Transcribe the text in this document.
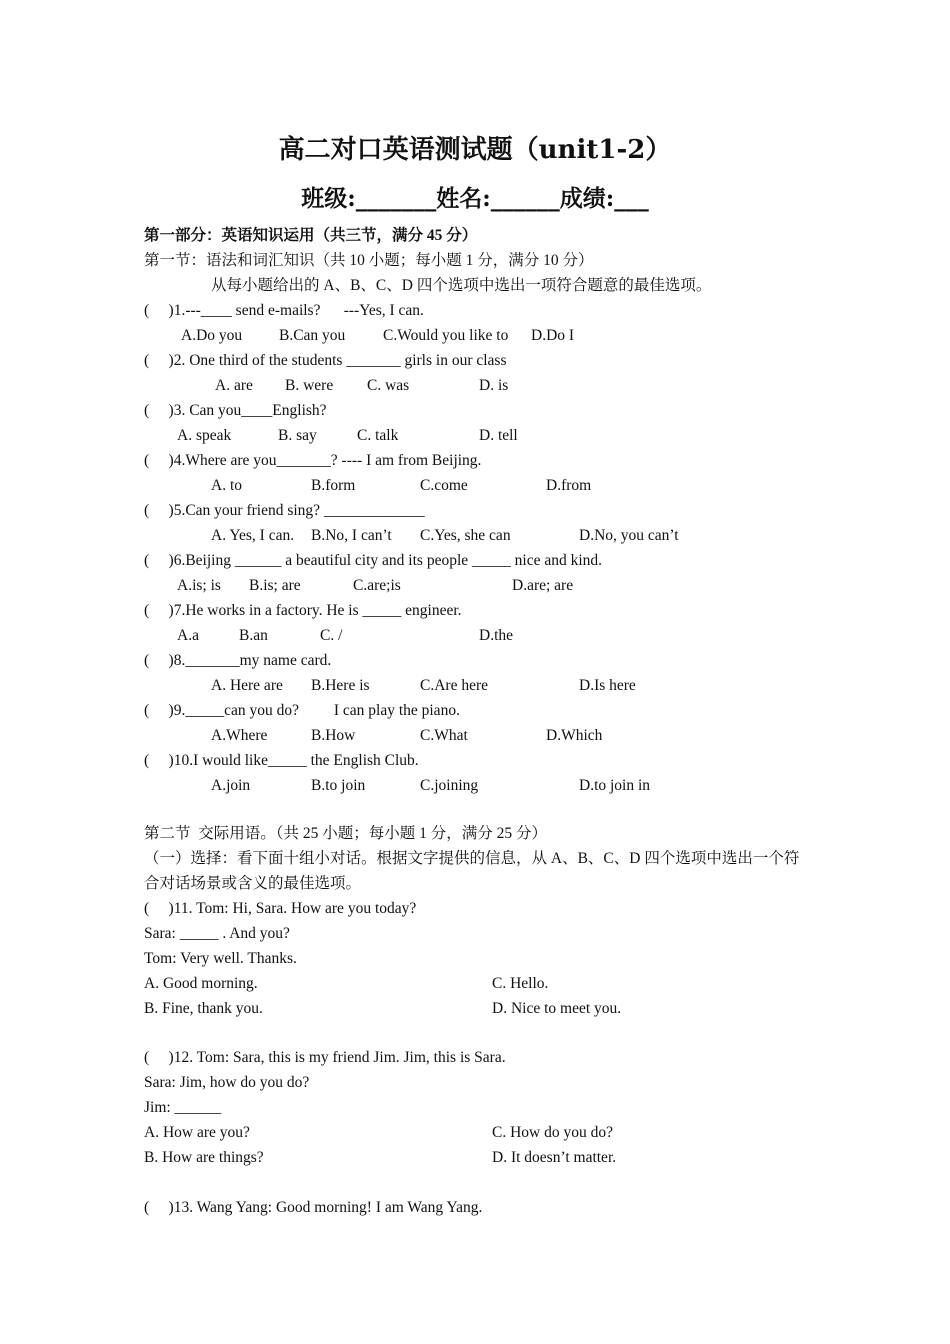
高二对口英语测试题（unit1-2）
班级:_______姓名:______成绩:___
第一部分：英语知识运用（共三节，满分 45 分）
第一节：语法和词汇知识（共 10 小题；每小题 1 分，满分 10 分）
从每小题给出的 A、B、C、D 四个选项中选出一项符合题意的最佳选项。
(     )1.---____ send e-mails?      ---Yes, I can.
A.Do you B.Can you C.Would you like to D.Do I
(     )2. One third of the students _______ girls in our class
A. are B. were C. was	D. is
(     )3. Can you____English?
A. speak	B. say	C. talk	D. tell
(     )4.Where are you_______? ---- I am from Beijing.
A. to	B.form	C.come	D.from
(     )5.Can your friend sing? _____________
A. Yes, I can. B.No, I can’t C.Yes, she can	D.No, you can’t
(     )6.Beijing ______ a beautiful city and its people _____ nice and kind.
A.is; is B.is; are	C.are;is	D.are; are
(     )7.He works in a factory. He is _____ engineer.
A.a	B.an	C. /	D.the
(     )8._______my name card.
A. Here are B.Here is	C.Are here	D.Is here
(     )9._____can you do?         I can play the piano.
A.Where	B.How	C.What	D.Which
(     )10.I would like_____ the English Club.
A.join	B.to join	C.joining	D.to join in
第二节  交际用语。（共 25 小题；每小题 1 分，满分 25 分）
（一）选择：看下面十组小对话。根据文字提供的信息，从 A、B、C、D 四个选项中选出一个符
合对话场景或含义的最佳选项。
(     )11. Tom: Hi, Sara. How are you today?
Sara: _____ . And you?
Tom: Very well. Thanks.
A. Good morning.	C. Hello.
B. Fine, thank you.	D. Nice to meet you.
(     )12. Tom: Sara, this is my friend Jim. Jim, this is Sara.
Sara: Jim, how do you do?
Jim: ______
A. How are you?	C. How do you do?
B. How are things?	D. It doesn’t matter.
(     )13. Wang Yang: Good morning! I am Wang Yang.
